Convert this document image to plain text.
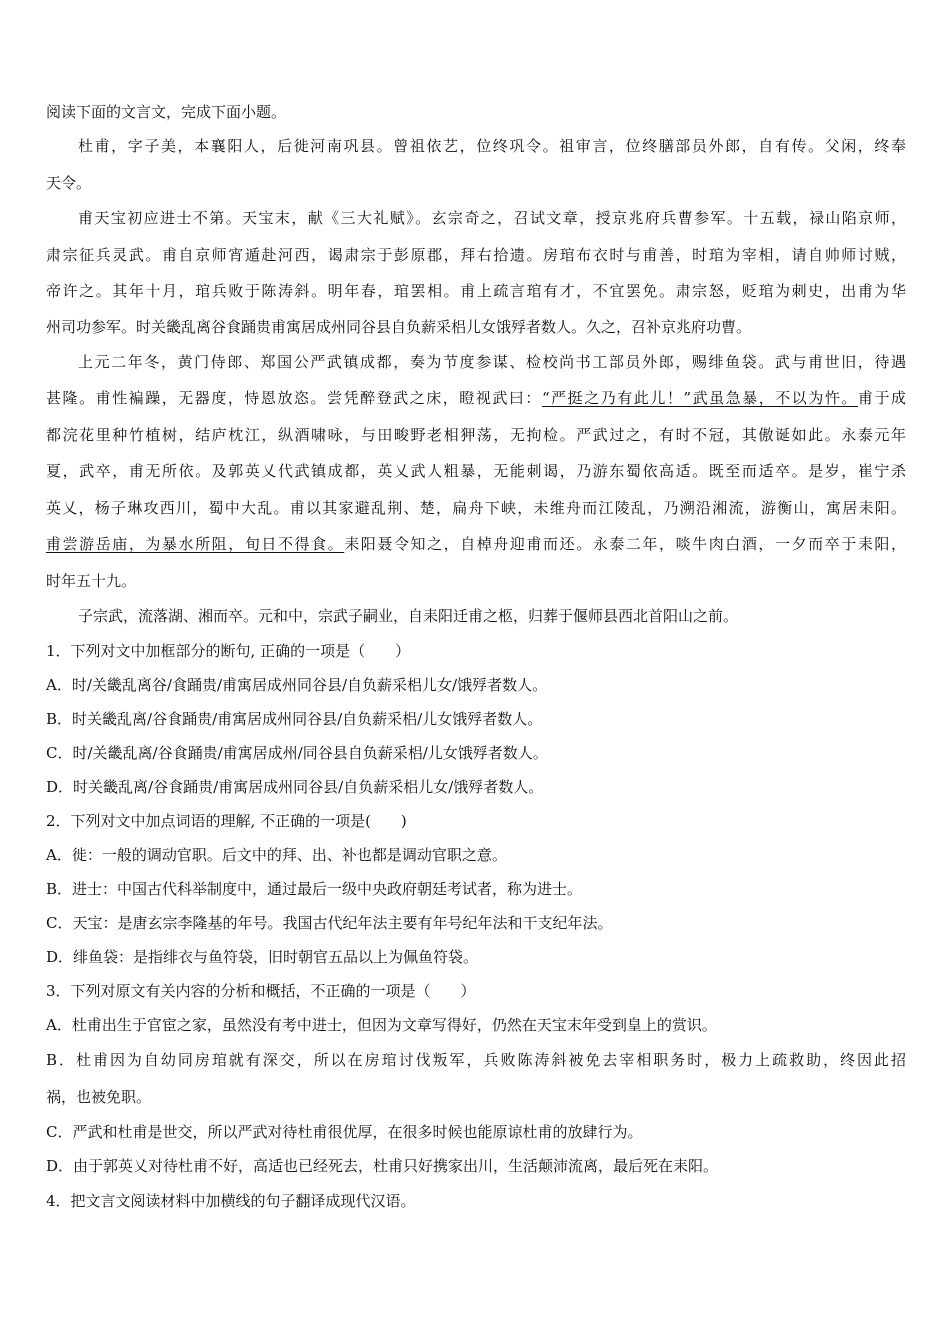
阅读下面的文言文，完成下面小题。
杜甫，字子美，本襄阳人，后徙河南巩县。曾祖依艺，位终巩令。祖审言，位终膳部员外郎，自有传。父闲，终奉
天令。
甫天宝初应进士不第。天宝末，献《三大礼赋》。玄宗奇之，召试文章，授京兆府兵曹参军。十五载，禄山陷京师，
肃宗征兵灵武。甫自京师宵遁赴河西，谒肃宗于彭原郡，拜右拾遗。房琯布衣时与甫善，时琯为宰相，请自帅师讨贼，
帝许之。其年十月，琯兵败于陈涛斜。明年春，琯罢相。甫上疏言琯有才，不宜罢免。肃宗怒，贬琯为刺史，出甫为华
州司功参军。时关畿乱离谷食踊贵甫寓居成州同谷县自负薪采梠儿女饿殍者数人。久之，召补京兆府功曹。
上元二年冬，黄门侍郎、郑国公严武镇成都，奏为节度参谋、检校尚书工部员外郎，赐绯鱼袋。武与甫世旧，待遇
甚隆。甫性褊躁，无器度，恃恩放恣。尝凭醉登武之床，瞪视武曰：“严挺之乃有此儿！”武虽急暴，不以为忤。甫于成
都浣花里种竹植树，结庐枕江，纵酒啸咏，与田畯野老相狎荡，无拘检。严武过之，有时不冠，其傲诞如此。永泰元年
夏，武卒，甫无所依。及郭英乂代武镇成都，英乂武人粗暴，无能刺谒，乃游东蜀依高适。既至而适卒。是岁，崔宁杀
英乂，杨子琳攻西川，蜀中大乱。甫以其家避乱荆、楚，扁舟下峡，未维舟而江陵乱，乃溯沿湘流，游衡山，寓居耒阳。
甫尝游岳庙，为暴水所阻，旬日不得食。耒阳聂令知之，自棹舟迎甫而还。永泰二年，啖牛肉白酒，一夕而卒于耒阳，
时年五十九。
子宗武，流落湖、湘而卒。元和中，宗武子嗣业，自耒阳迁甫之柩，归葬于偃师县西北首阳山之前。
1．下列对文中加框部分的断句, 正确的一项是（　　）
A．时/关畿乱离谷/食踊贵/甫寓居成州同谷县/自负薪采梠儿女/饿殍者数人。
B．时关畿乱离/谷食踊贵/甫寓居成州同谷县/自负薪采梠/儿女饿殍者数人。
C．时/关畿乱离/谷食踊贵/甫寓居成州/同谷县自负薪采梠/儿女饿殍者数人。
D．时关畿乱离/谷食踊贵/甫寓居成州同谷县/自负薪采梠儿女/饿殍者数人。
2．下列对文中加点词语的理解, 不正确的一项是(　　)
A．徙：一般的调动官职。后文中的拜、出、补也都是调动官职之意。
B．进士：中国古代科举制度中，通过最后一级中央政府朝廷考试者，称为进士。
C．天宝：是唐玄宗李隆基的年号。我国古代纪年法主要有年号纪年法和干支纪年法。
D．绯鱼袋：是指绯衣与鱼符袋，旧时朝官五品以上为佩鱼符袋。
3．下列对原文有关内容的分析和概括，不正确的一项是（　　）
A．杜甫出生于官宦之家，虽然没有考中进士，但因为文章写得好，仍然在天宝末年受到皇上的赏识。
B．杜甫因为自幼同房琯就有深交，所以在房琯讨伐叛军，兵败陈涛斜被免去宰相职务时，极力上疏救助，终因此招
祸，也被免职。
C．严武和杜甫是世交，所以严武对待杜甫很优厚，在很多时候也能原谅杜甫的放肆行为。
D．由于郭英乂对待杜甫不好，高适也已经死去，杜甫只好携家出川，生活颠沛流离，最后死在耒阳。
4．把文言文阅读材料中加横线的句子翻译成现代汉语。
